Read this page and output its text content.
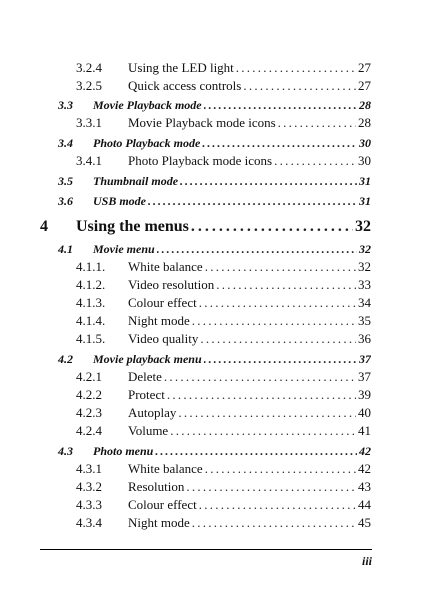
3.2.4	Using the LED light . . .	27
3.2.5	Quick access controls . . .	27
3.3	Movie Playback mode . . .	28
3.3.1	Movie Playback mode icons . . .	28
3.4	Photo Playback mode . . .	30
3.4.1	Photo Playback mode icons . . .	30
3.5	Thumbnail mode . . .	31
3.6	USB mode . . .	31
4	Using the menus . . .	32
4.1	Movie menu . . .	32
4.1.1.	White balance . . .	32
4.1.2.	Video resolution . . .	33
4.1.3.	Colour effect . . .	34
4.1.4.	Night mode . . .	35
4.1.5.	Video quality . . .	36
4.2	Movie playback menu . . .	37
4.2.1	Delete . . .	37
4.2.2	Protect . . .	39
4.2.3	Autoplay . . .	40
4.2.4	Volume . . .	41
4.3	Photo menu . . .	42
4.3.1	White balance . . .	42
4.3.2	Resolution . . .	43
4.3.3	Colour effect . . .	44
4.3.4	Night mode . . .	45
iii
